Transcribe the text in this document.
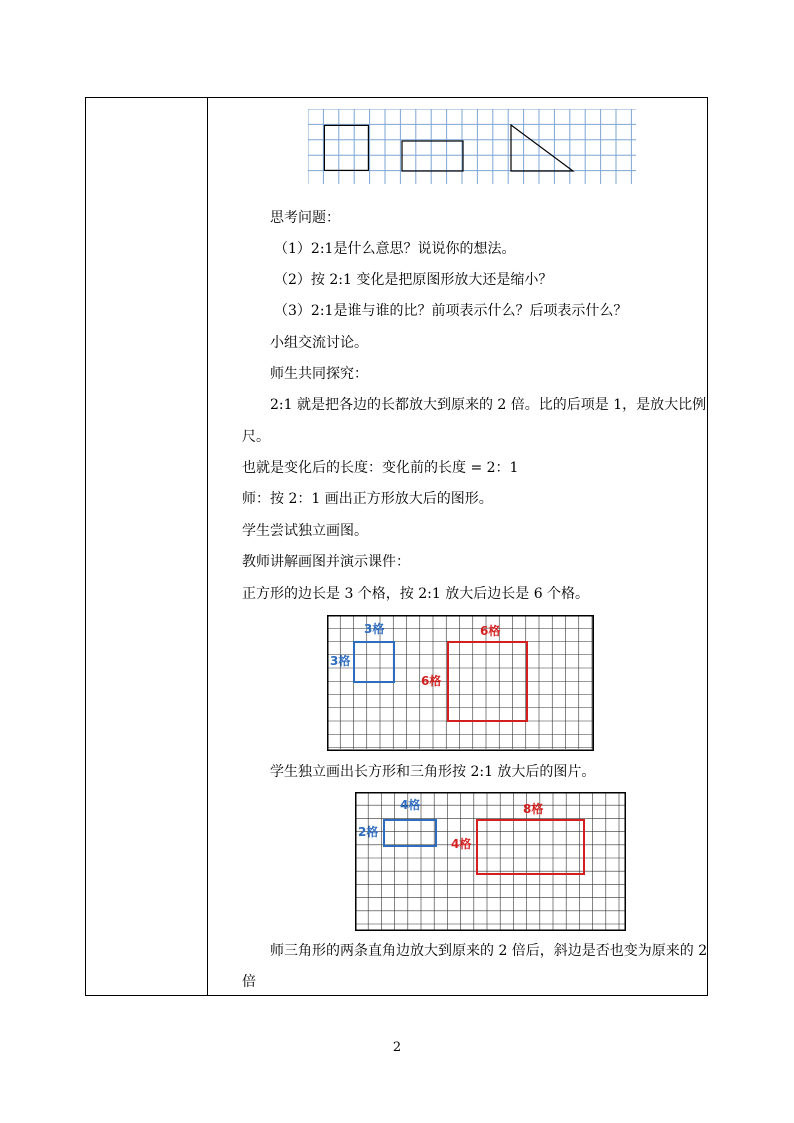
思考问题：
（1）2:1是什么意思？说说你的想法。
（2）按 2:1 变化是把原图形放大还是缩小？
（3）2:1是谁与谁的比？前项表示什么？后项表示什么？
小组交流讨论。
师生共同探究：
2:1 就是把各边的长都放大到原来的 2 倍。比的后项是 1，是放大比例
尺。
也就是变化后的长度：变化前的长度 = 2：1
师：按 2：1 画出正方形放大后的图形。
学生尝试独立画图。
教师讲解画图并演示课件：
正方形的边长是 3 个格，按 2:1 放大后边长是 6 个格。
3格
3格
6格
6格
学生独立画出长方形和三角形按 2:1 放大后的图片。
4格
2格
8格
4格
师三角形的两条直角边放大到原来的 2 倍后，斜边是否也变为原来的 2
倍
2
